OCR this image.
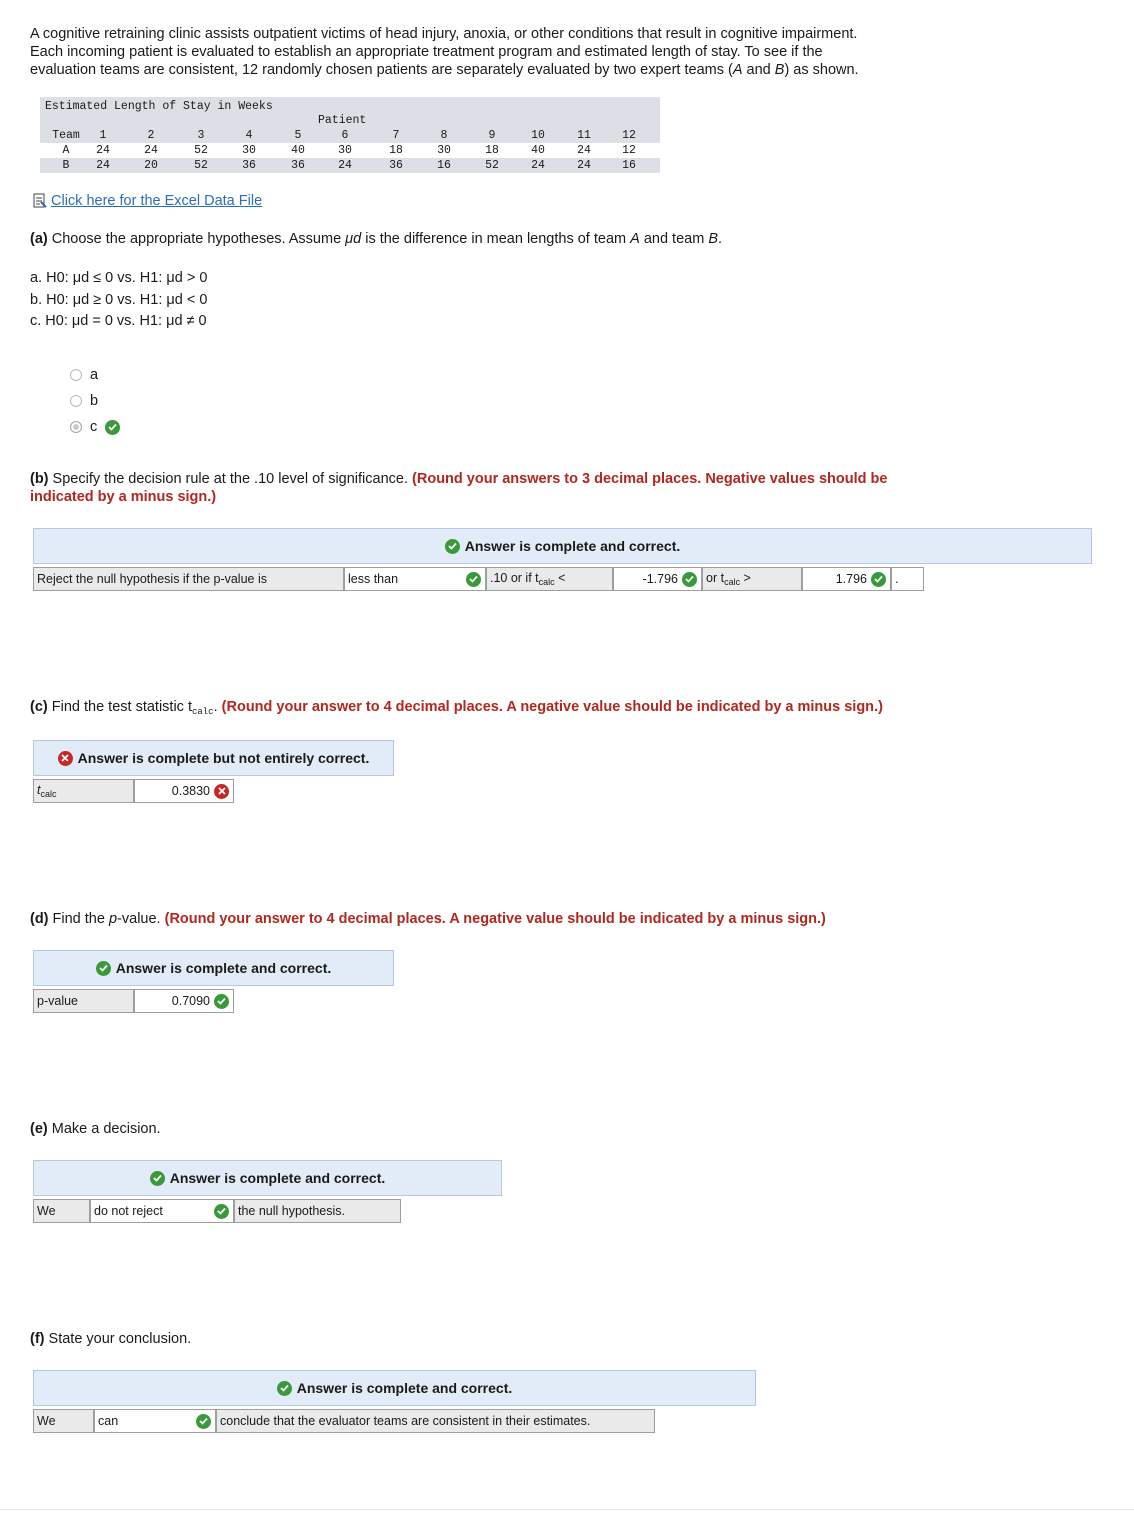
A cognitive retraining clinic assists outpatient victims of head injury, anoxia, or other conditions that result in cognitive impairment.

Each incoming patient is evaluated to establish an appropriate treatment program and estimated length of stay. To see if the

evaluation teams are consistent, 12 randomly chosen patients are separately evaluated by two expert teams (A and B) as shown.

Estimated Length of Stay in Weeks
Patient
Team	1	2	3	4	5	6	7	8	9	10	11	12
A	24	24	52	30	40	30	18	30	18	40	24	12
B	24	20	52	36	36	24	36	16	52	24	24	16
Click here for the Excel Data File
(a) Choose the appropriate hypotheses. Assume μd is the difference in mean lengths of team A and team B.
a. H0: μd ≤ 0 vs. H1: μd > 0
b. H0: μd ≥ 0 vs. H1: μd < 0
c. H0: μd = 0 vs. H1: μd ≠ 0
a
b
c
(b) Specify the decision rule at the .10 level of significance. (Round your answers to 3 decimal places. Negative values should be
indicated by a minus sign.)
Answer is complete and correct.
Reject the null hypothesis if the p-value is	less than	.10 or if $t_{calc}$ <	-1.796	or $t_{calc}$ >	1.796	.
(c) Find the test statistic $t_{calc}$. (Round your answer to 4 decimal places. A negative value should be indicated by a minus sign.)
Answer is complete but not entirely correct.
$t_{calc}$	0.3830
(d) Find the p-value. (Round your answer to 4 decimal places. A negative value should be indicated by a minus sign.)
Answer is complete and correct.
p-value	0.7090
(e) Make a decision.
Answer is complete and correct.
We	do not reject	the null hypothesis.
(f) State your conclusion.
Answer is complete and correct.
We	can	conclude that the evaluator teams are consistent in their estimates.
